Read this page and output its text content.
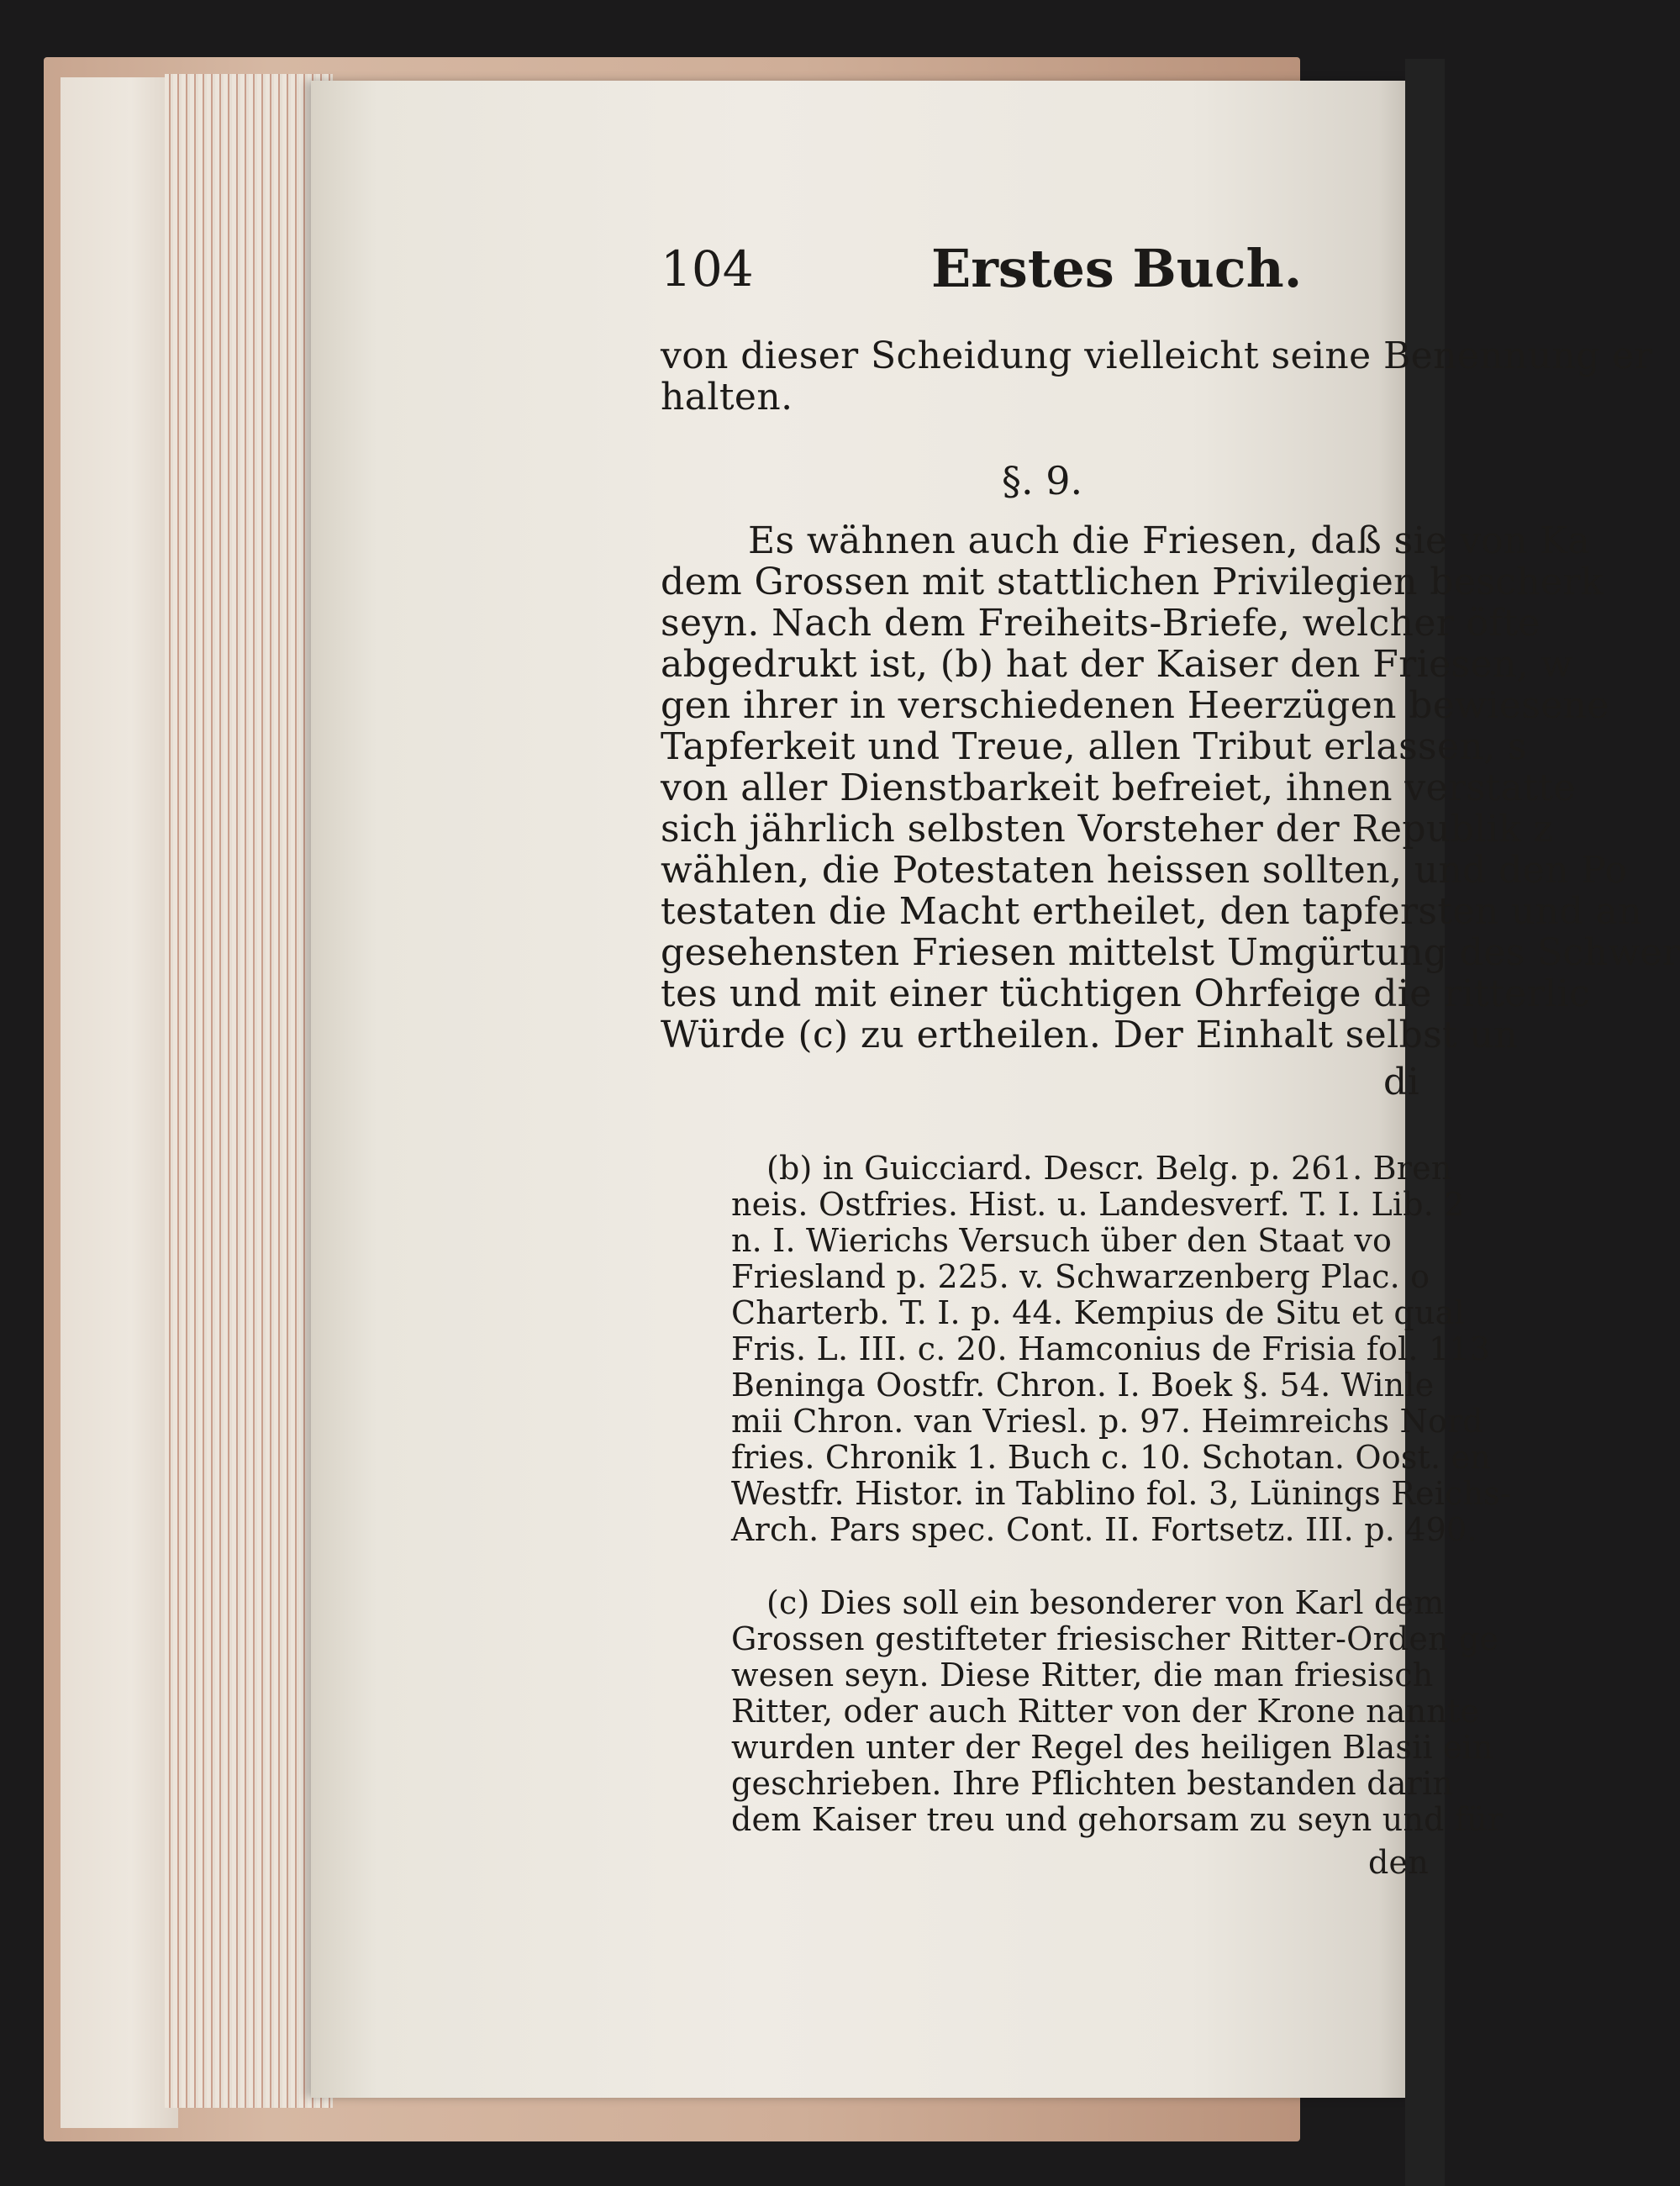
104	Erstes Buch.
von dieser Scheidung vielleicht seine Benennung er
halten.
§. 9.
Es wähnen auch die Friesen, daß sie von Ka
dem Grossen mit stattlichen Privilegien bescherk
seyn. Nach dem Freiheits-Briefe, welcher öfte
abgedrukt ist, (b) hat der Kaiser den Friesen, w
gen ihrer in verschiedenen Heerzügen bewiesene
Tapferkeit und Treue, allen Tribut erlassen, s
von aller Dienstbarkeit befreiet, ihnen verstatte
sich jährlich selbsten Vorsteher der Republik z
wählen, die Potestaten heissen sollten, und den Po
testaten die Macht ertheilet, den tapfersten und an
gesehensten Friesen mittelst Umgürtung des Schwer
tes und mit einer tüchtigen Ohrfeige die ritterlic
Würde (c) zu ertheilen. Der Einhalt selbst un
di
(b) in Guicciard. Descr. Belg. p. 261. Bren
neis. Ostfries. Hist. u. Landesverf. T. I. Lib. 2
n. I. Wierichs Versuch über den Staat vo
Friesland p. 225. v. Schwarzenberg Plac. o
Charterb. T. I. p. 44. Kempius de Situ et qual
Fris. L. III. c. 20. Hamconius de Frisia fol. 113
Beninga Oostfr. Chron. I. Boek §. 54. Winle
mii Chron. van Vriesl. p. 97. Heimreichs Nord
fries. Chronik 1. Buch c. 10. Schotan. Oost. en
Westfr. Histor. in Tablino fol. 3, Lünings Reichs-
Arch. Pars spec. Cont. II. Fortsetz. III. p. 490.
(c) Dies soll ein besonderer von Karl dem
Grossen gestifteter friesischer Ritter-Orden ge
wesen seyn. Diese Ritter, die man friesisch
Ritter, oder auch Ritter von der Krone nannte
wurden unter der Regel des heiligen Blasii ein
geschrieben. Ihre Pflichten bestanden darin
dem Kaiser treu und gehorsam zu seyn und für
den
